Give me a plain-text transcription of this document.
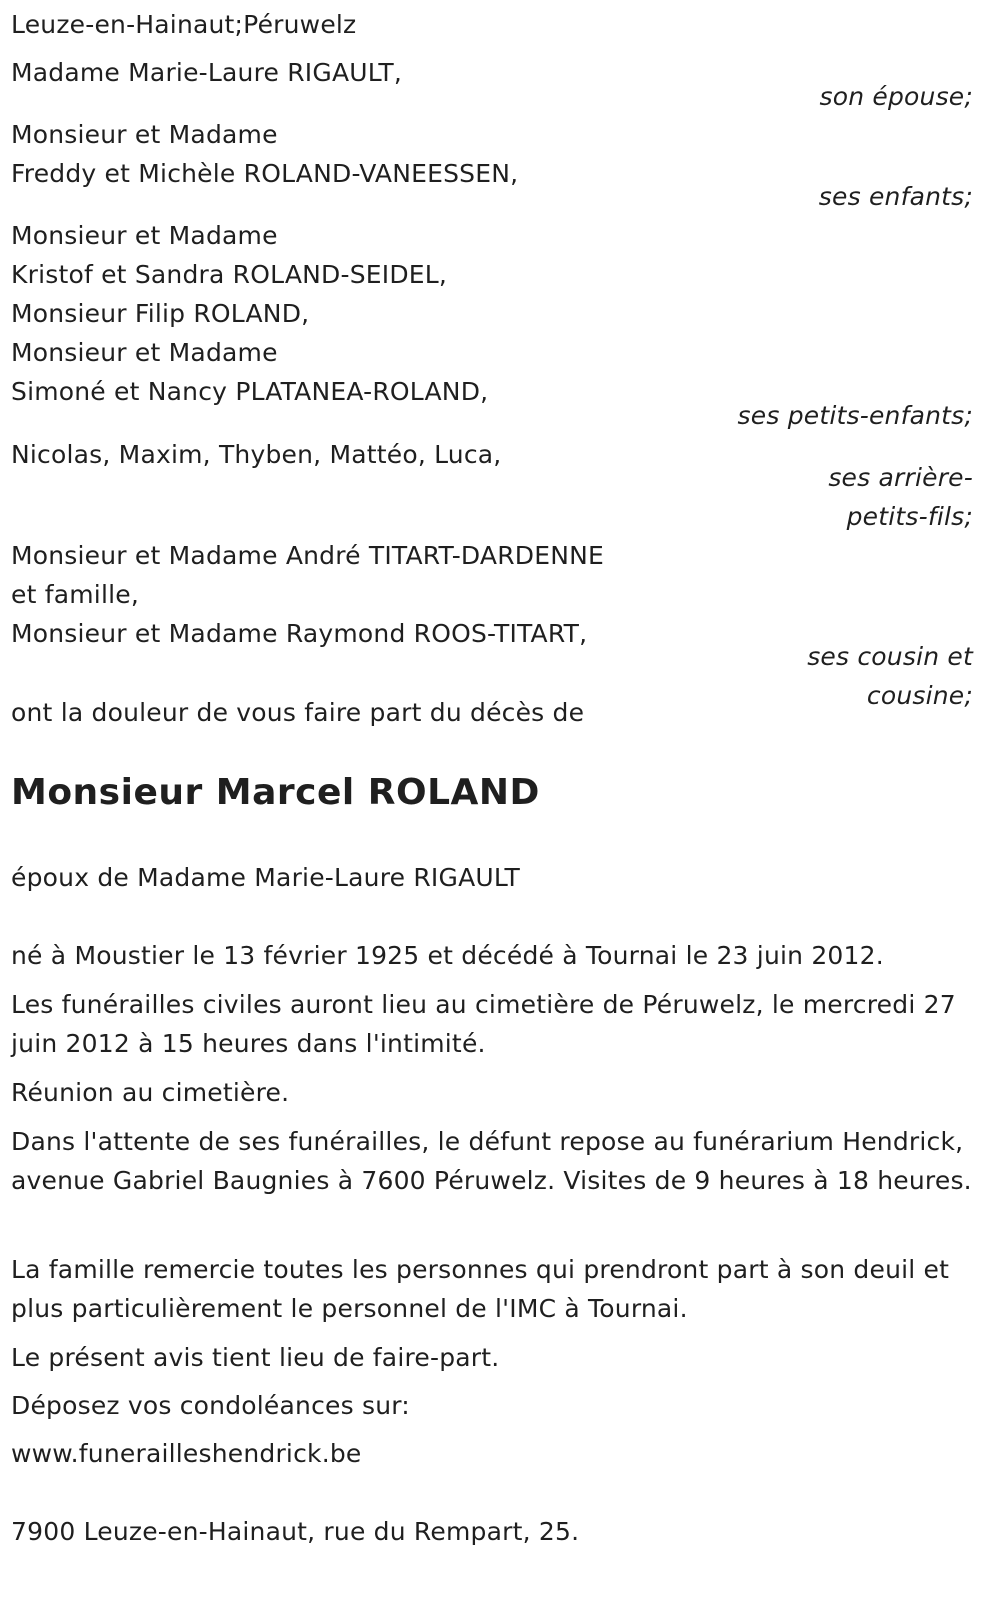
Leuze-en-Hainaut;Péruwelz
Madame Marie-Laure RIGAULT,
son épouse;
Monsieur et Madame
Freddy et Michèle ROLAND-VANEESSEN,
ses enfants;
Monsieur et Madame
Kristof et Sandra ROLAND-SEIDEL,
Monsieur Filip ROLAND,
Monsieur et Madame
Simoné et Nancy PLATANEA-ROLAND,
ses petits-enfants;
Nicolas, Maxim, Thyben, Mattéo, Luca,
ses arrière-
petits-fils;
Monsieur et Madame André TITART-DARDENNE
et famille,
Monsieur et Madame Raymond ROOS-TITART,
ses cousin et
cousine;
ont la douleur de vous faire part du décès de
Monsieur Marcel ROLAND
époux de Madame Marie-Laure RIGAULT
né à Moustier le 13 février 1925 et décédé à Tournai le 23 juin 2012.
Les funérailles civiles auront lieu au cimetière de Péruwelz, le mercredi 27 juin 2012 à 15 heures dans l'intimité.
Réunion au cimetière.
Dans l'attente de ses funérailles, le défunt repose au funérarium Hendrick, avenue Gabriel Baugnies à 7600 Péruwelz. Visites de 9 heures à 18 heures.
La famille remercie toutes les personnes qui prendront part à son deuil et plus particulièrement le personnel de l'IMC à Tournai.
Le présent avis tient lieu de faire-part.
Déposez vos condoléances sur:
www.funerailleshendrick.be
7900 Leuze-en-Hainaut, rue du Rempart, 25.
